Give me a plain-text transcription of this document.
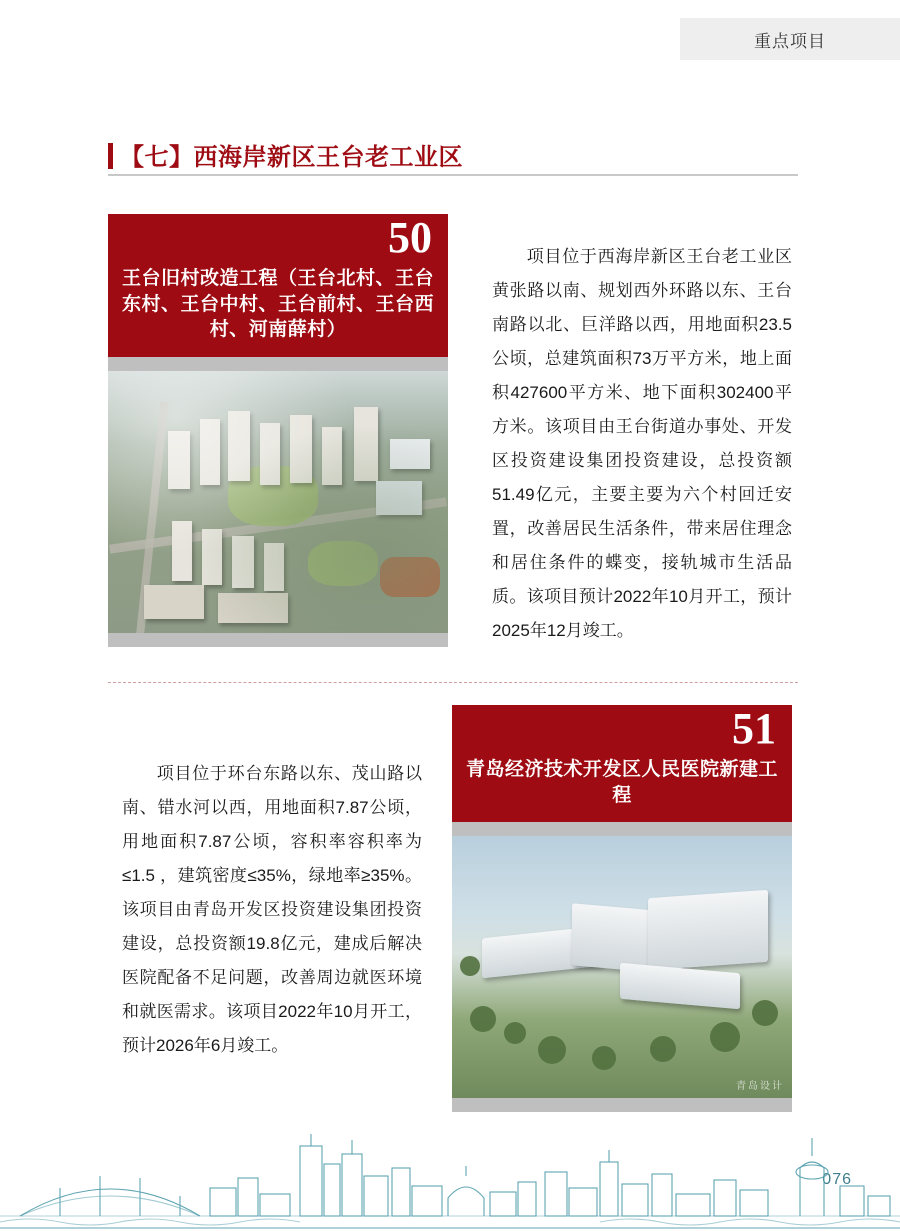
重点项目
【七】西海岸新区王台老工业区
50
王台旧村改造工程（王台北村、王台东村、王台中村、王台前村、王台西村、河南薛村）
项目位于西海岸新区王台老工业区黄张路以南、规划西外环路以东、王台南路以北、巨洋路以西，用地面积23.5公顷，总建筑面积73万平方米，地上面积427600平方米、地下面积302400平方米。该项目由王台街道办事处、开发区投资建设集团投资建设，总投资额51.49亿元，主要主要为六个村回迁安置，改善居民生活条件，带来居住理念和居住条件的蝶变，接轨城市生活品质。该项目预计2022年10月开工，预计2025年12月竣工。
项目位于环台东路以东、茂山路以南、错水河以西，用地面积7.87公顷，用地面积7.87公顷，容积率容积率为≤1.5 ，建筑密度≤35%，绿地率≥35%。该项目由青岛开发区投资建设集团投资建设，总投资额19.8亿元，建成后解决医院配备不足问题，改善周边就医环境和就医需求。该项目2022年10月开工，预计2026年6月竣工。
51
青岛经济技术开发区人民医院新建工程
青岛设计
076
